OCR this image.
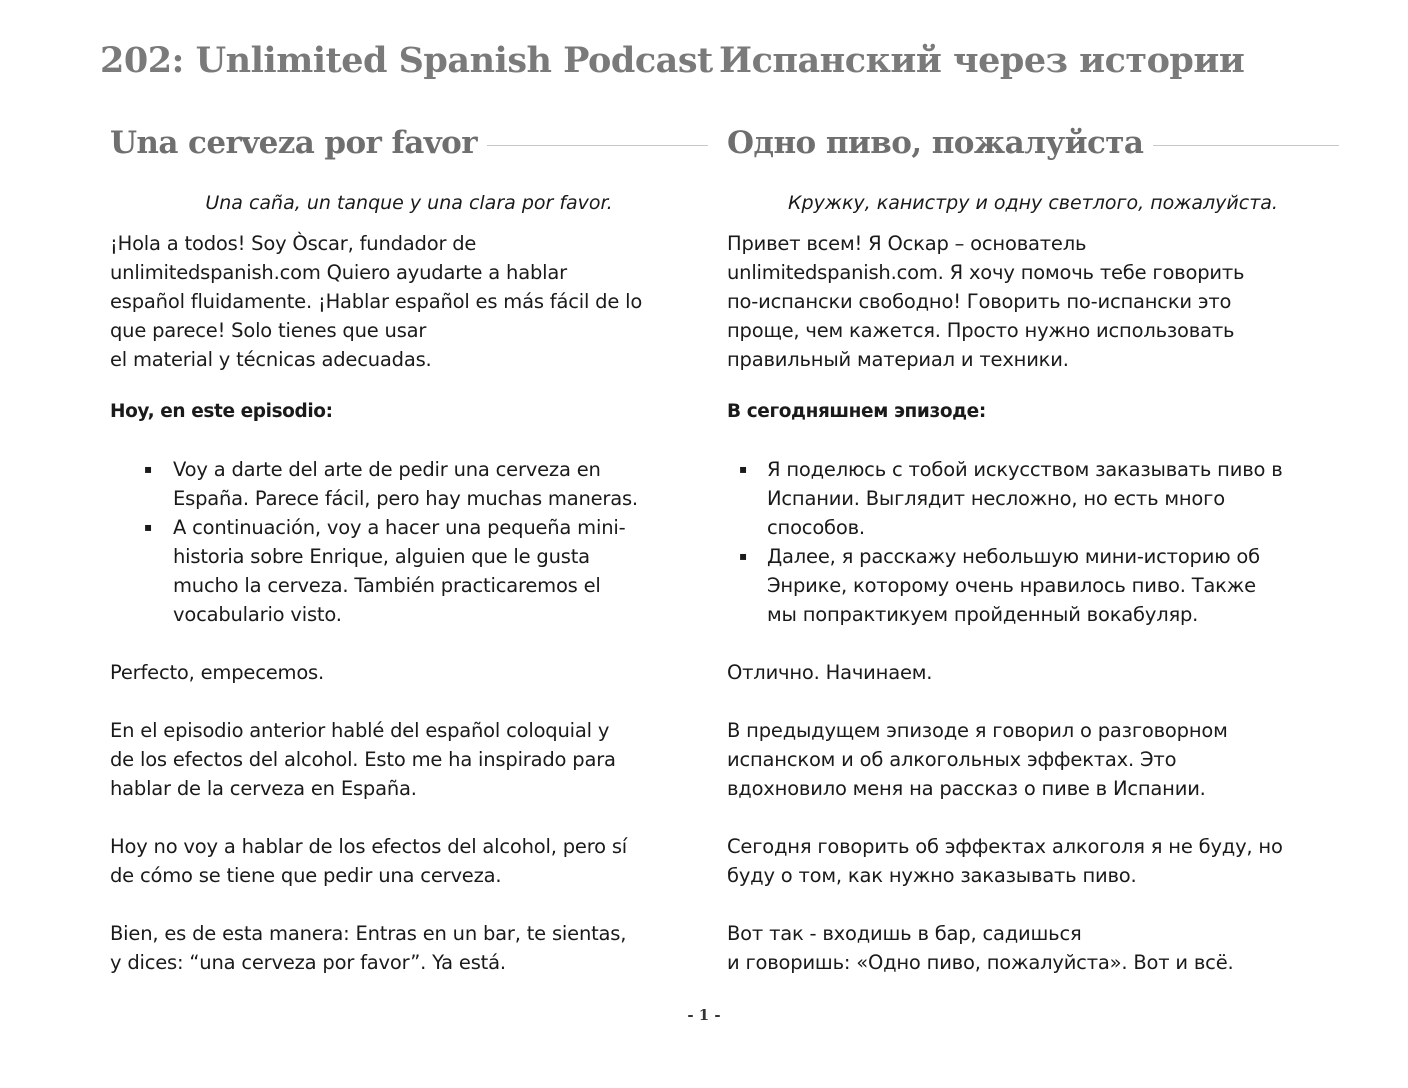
202: Unlimited Spanish Podcast Испанский через истории
Una cerveza por favor
Una caña, un tanque y una clara por favor.

¡Hola a todos! Soy Òscar, fundador de
unlimitedspanish.com Quiero ayudarte a hablar
español fluidamente. ¡Hablar español es más fácil de lo
que parece! Solo tienes que usar
el material y técnicas adecuadas.

Hoy, en este episodio:

▪ Voy a darte del arte de pedir una cerveza en
España. Parece fácil, pero hay muchas maneras.
▪ A continuación, voy a hacer una pequeña mini-
historia sobre Enrique, alguien que le gusta
mucho la cerveza. También practicaremos el
vocabulario visto.

Perfecto, empecemos.

En el episodio anterior hablé del español coloquial y
de los efectos del alcohol. Esto me ha inspirado para
hablar de la cerveza en España.

Hoy no voy a hablar de los efectos del alcohol, pero sí
de cómo se tiene que pedir una cerveza.

Bien, es de esta manera: Entras en un bar, te sientas,
y dices: “una cerveza por favor”. Ya está.

Одно пиво, пожалуйста
Кружку, канистру и одну светлого, пожалуйста.

Привет всем! Я Оскар – основатель
unlimitedspanish.com. Я хочу помочь тебе говорить
по-испански свободно! Говорить по-испански это
проще, чем кажется. Просто нужно использовать
правильный материал и техники.

В сегодняшнем эпизоде:

▪ Я поделюсь с тобой искусством заказывать пиво в
Испании. Выглядит несложно, но есть много
способов.
▪ Далее, я расскажу небольшую мини-историю об
Энрике, которому очень нравилось пиво. Также
мы попрактикуем пройденный вокабуляр.

Отлично. Начинаем.

В предыдущем эпизоде я говорил о разговорном
испанском и об алкогольных эффектах. Это
вдохновило меня на рассказ о пиве в Испании.

Сегодня говорить об эффектах алкоголя я не буду, но
буду о том, как нужно заказывать пиво.

Вот так - входишь в бар, садишься
и говоришь: «Одно пиво, пожалуйста». Вот и всё.

- 1 -
